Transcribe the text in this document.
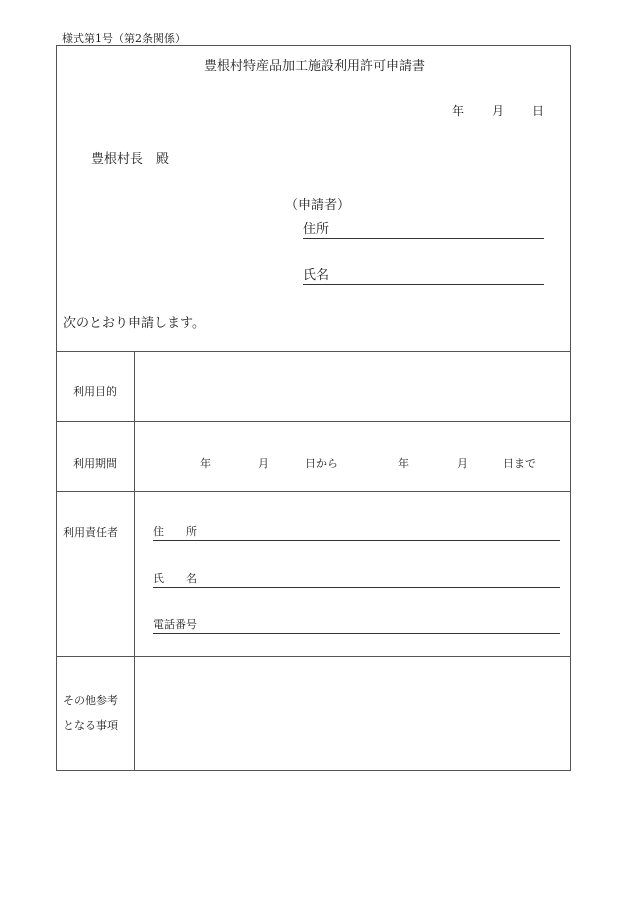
様式第1号（第2条関係）
豊根村特産品加工施設利用許可申請書
年 月 日
豊根村長　殿
（申請者）
住所
氏名
次のとおり申請します。
利用目的
利用期間	年	月	日から	年	月	日まで
利用責任者	住　　所
氏　　名
電話番号
その他参考
となる事項
